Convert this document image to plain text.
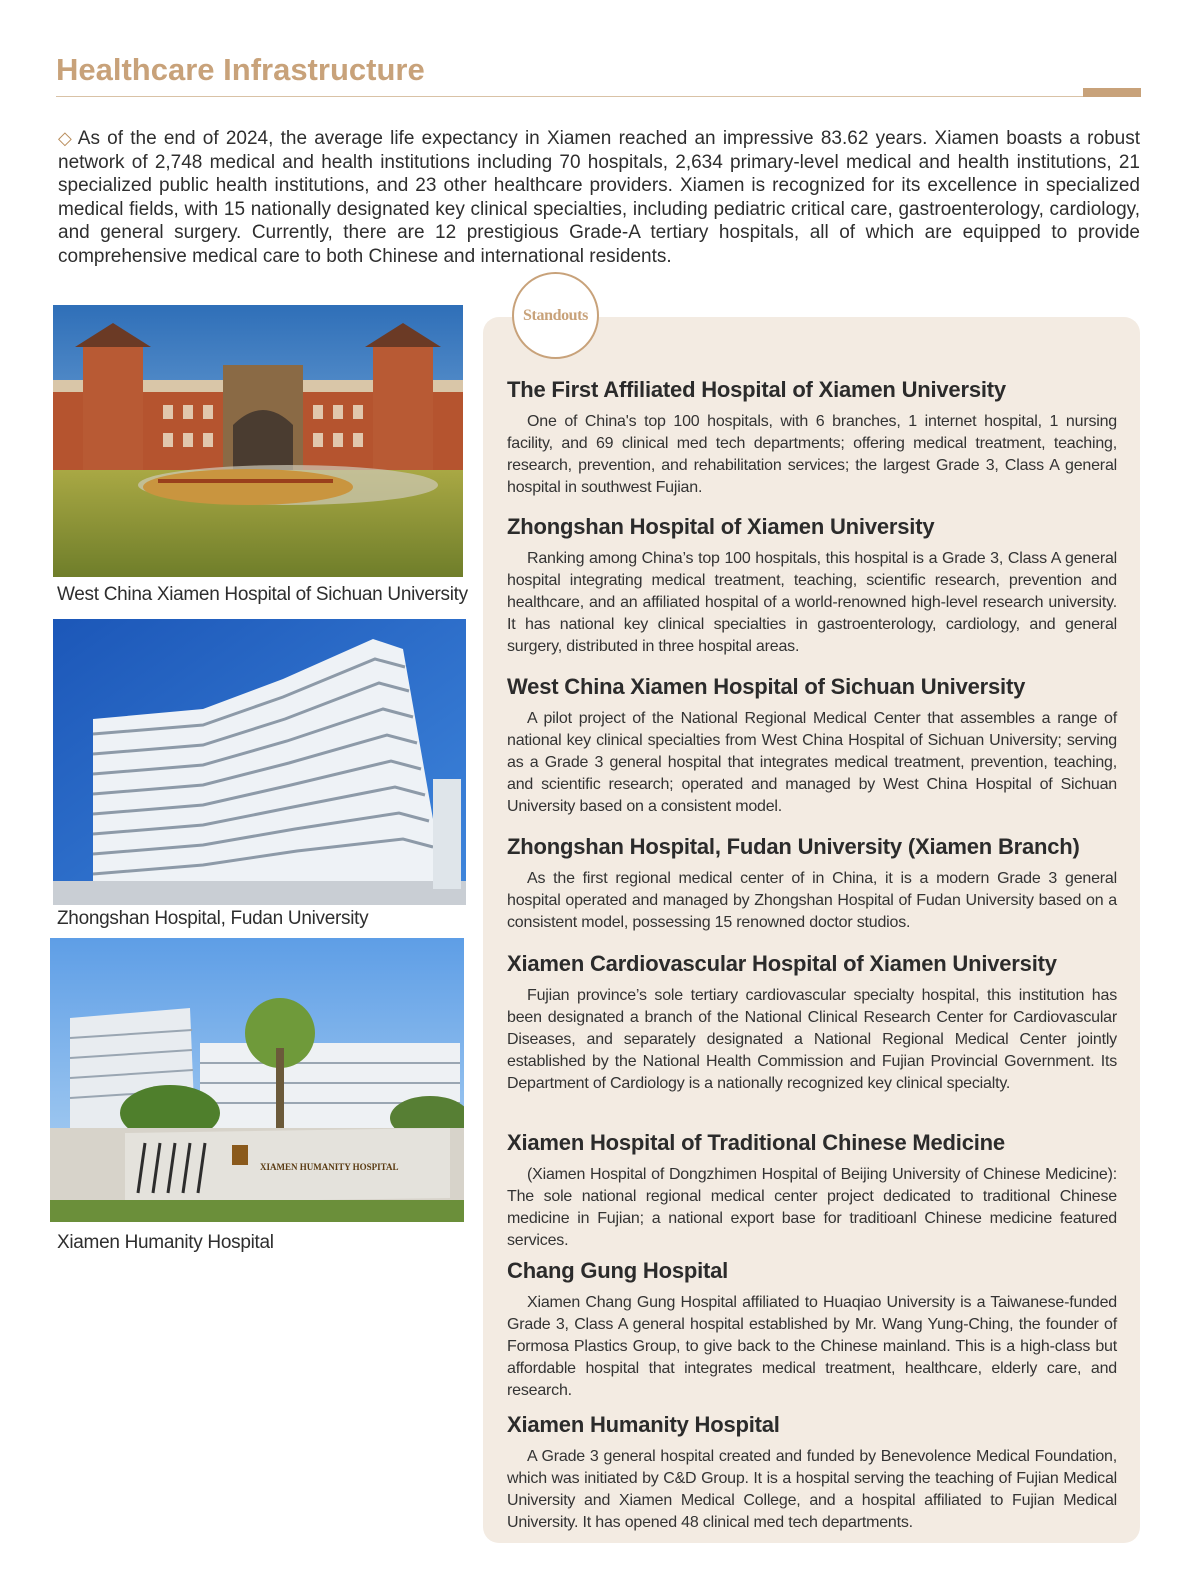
Healthcare Infrastructure

◇ As of the end of 2024, the average life expectancy in Xiamen reached an impressive 83.62 years. Xiamen boasts a robust network of 2,748 medical and health institutions including 70 hospitals, 2,634 primary-level medical and health institutions, 21 specialized public health institutions, and 23 other healthcare providers. Xiamen is recognized for its excellence in specialized medical fields, with 15 nationally designated key clinical specialties, including pediatric critical care, gastroenterology, cardiology, and general surgery. Currently, there are 12 prestigious Grade-A tertiary hospitals, all of which are equipped to provide comprehensive medical care to both Chinese and international residents.

West China Xiamen Hospital of Sichuan University
Zhongshan Hospital, Fudan University
XIAMEN HUMANITY HOSPITAL
Xiamen Humanity Hospital
Standouts
The First Affiliated Hospital of Xiamen University

One of China's top 100 hospitals, with 6 branches, 1 internet hospital, 1 nursing facility, and 69 clinical med tech departments; offering medical treatment, teaching, research, prevention, and rehabilitation services; the largest Grade 3, Class A general hospital in southwest Fujian.

Zhongshan Hospital of Xiamen University

Ranking among China’s top 100 hospitals, this hospital is a Grade 3, Class A general hospital integrating medical treatment, teaching, scientific research, prevention and healthcare, and an affiliated hospital of a world-renowned high-level research university. It has national key clinical specialties in gastroenterology, cardiology, and general surgery, distributed in three hospital areas.

West China Xiamen Hospital of Sichuan University

A pilot project of the National Regional Medical Center that assembles a range of national key clinical specialties from West China Hospital of Sichuan University; serving as a Grade 3 general hospital that integrates medical treatment, prevention, teaching, and scientific research; operated and managed by West China Hospital of Sichuan University based on a consistent model.

Zhongshan Hospital, Fudan University (Xiamen Branch)

As the first regional medical center of in China, it is a modern Grade 3 general hospital operated and managed by Zhongshan Hospital of Fudan University based on a consistent model, possessing 15 renowned doctor studios.

Xiamen Cardiovascular Hospital of Xiamen University

Fujian province’s sole tertiary cardiovascular specialty hospital, this institution has been designated a branch of the National Clinical Research Center for Cardiovascular Diseases, and separately designated a National Regional Medical Center jointly established by the National Health Commission and Fujian Provincial Government. Its Department of Cardiology is a nationally recognized key clinical specialty.

Xiamen Hospital of Traditional Chinese Medicine

(Xiamen Hospital of Dongzhimen Hospital of Beijing University of Chinese Medicine): The sole national regional medical center project dedicated to traditional Chinese medicine in Fujian; a national export base for traditioanl Chinese medicine featured services.

Chang Gung Hospital

Xiamen Chang Gung Hospital affiliated to Huaqiao University is a Taiwanese-funded Grade 3, Class A general hospital established by Mr. Wang Yung-Ching, the founder of Formosa Plastics Group, to give back to the Chinese mainland. This is a high-class but affordable hospital that integrates medical treatment, healthcare, elderly care, and research.

Xiamen Humanity Hospital

A Grade 3 general hospital created and funded by Benevolence Medical Foundation, which was initiated by C&D Group. It is a hospital serving the teaching of Fujian Medical University and Xiamen Medical College, and a hospital affiliated to Fujian Medical University. It has opened 48 clinical med tech departments.
